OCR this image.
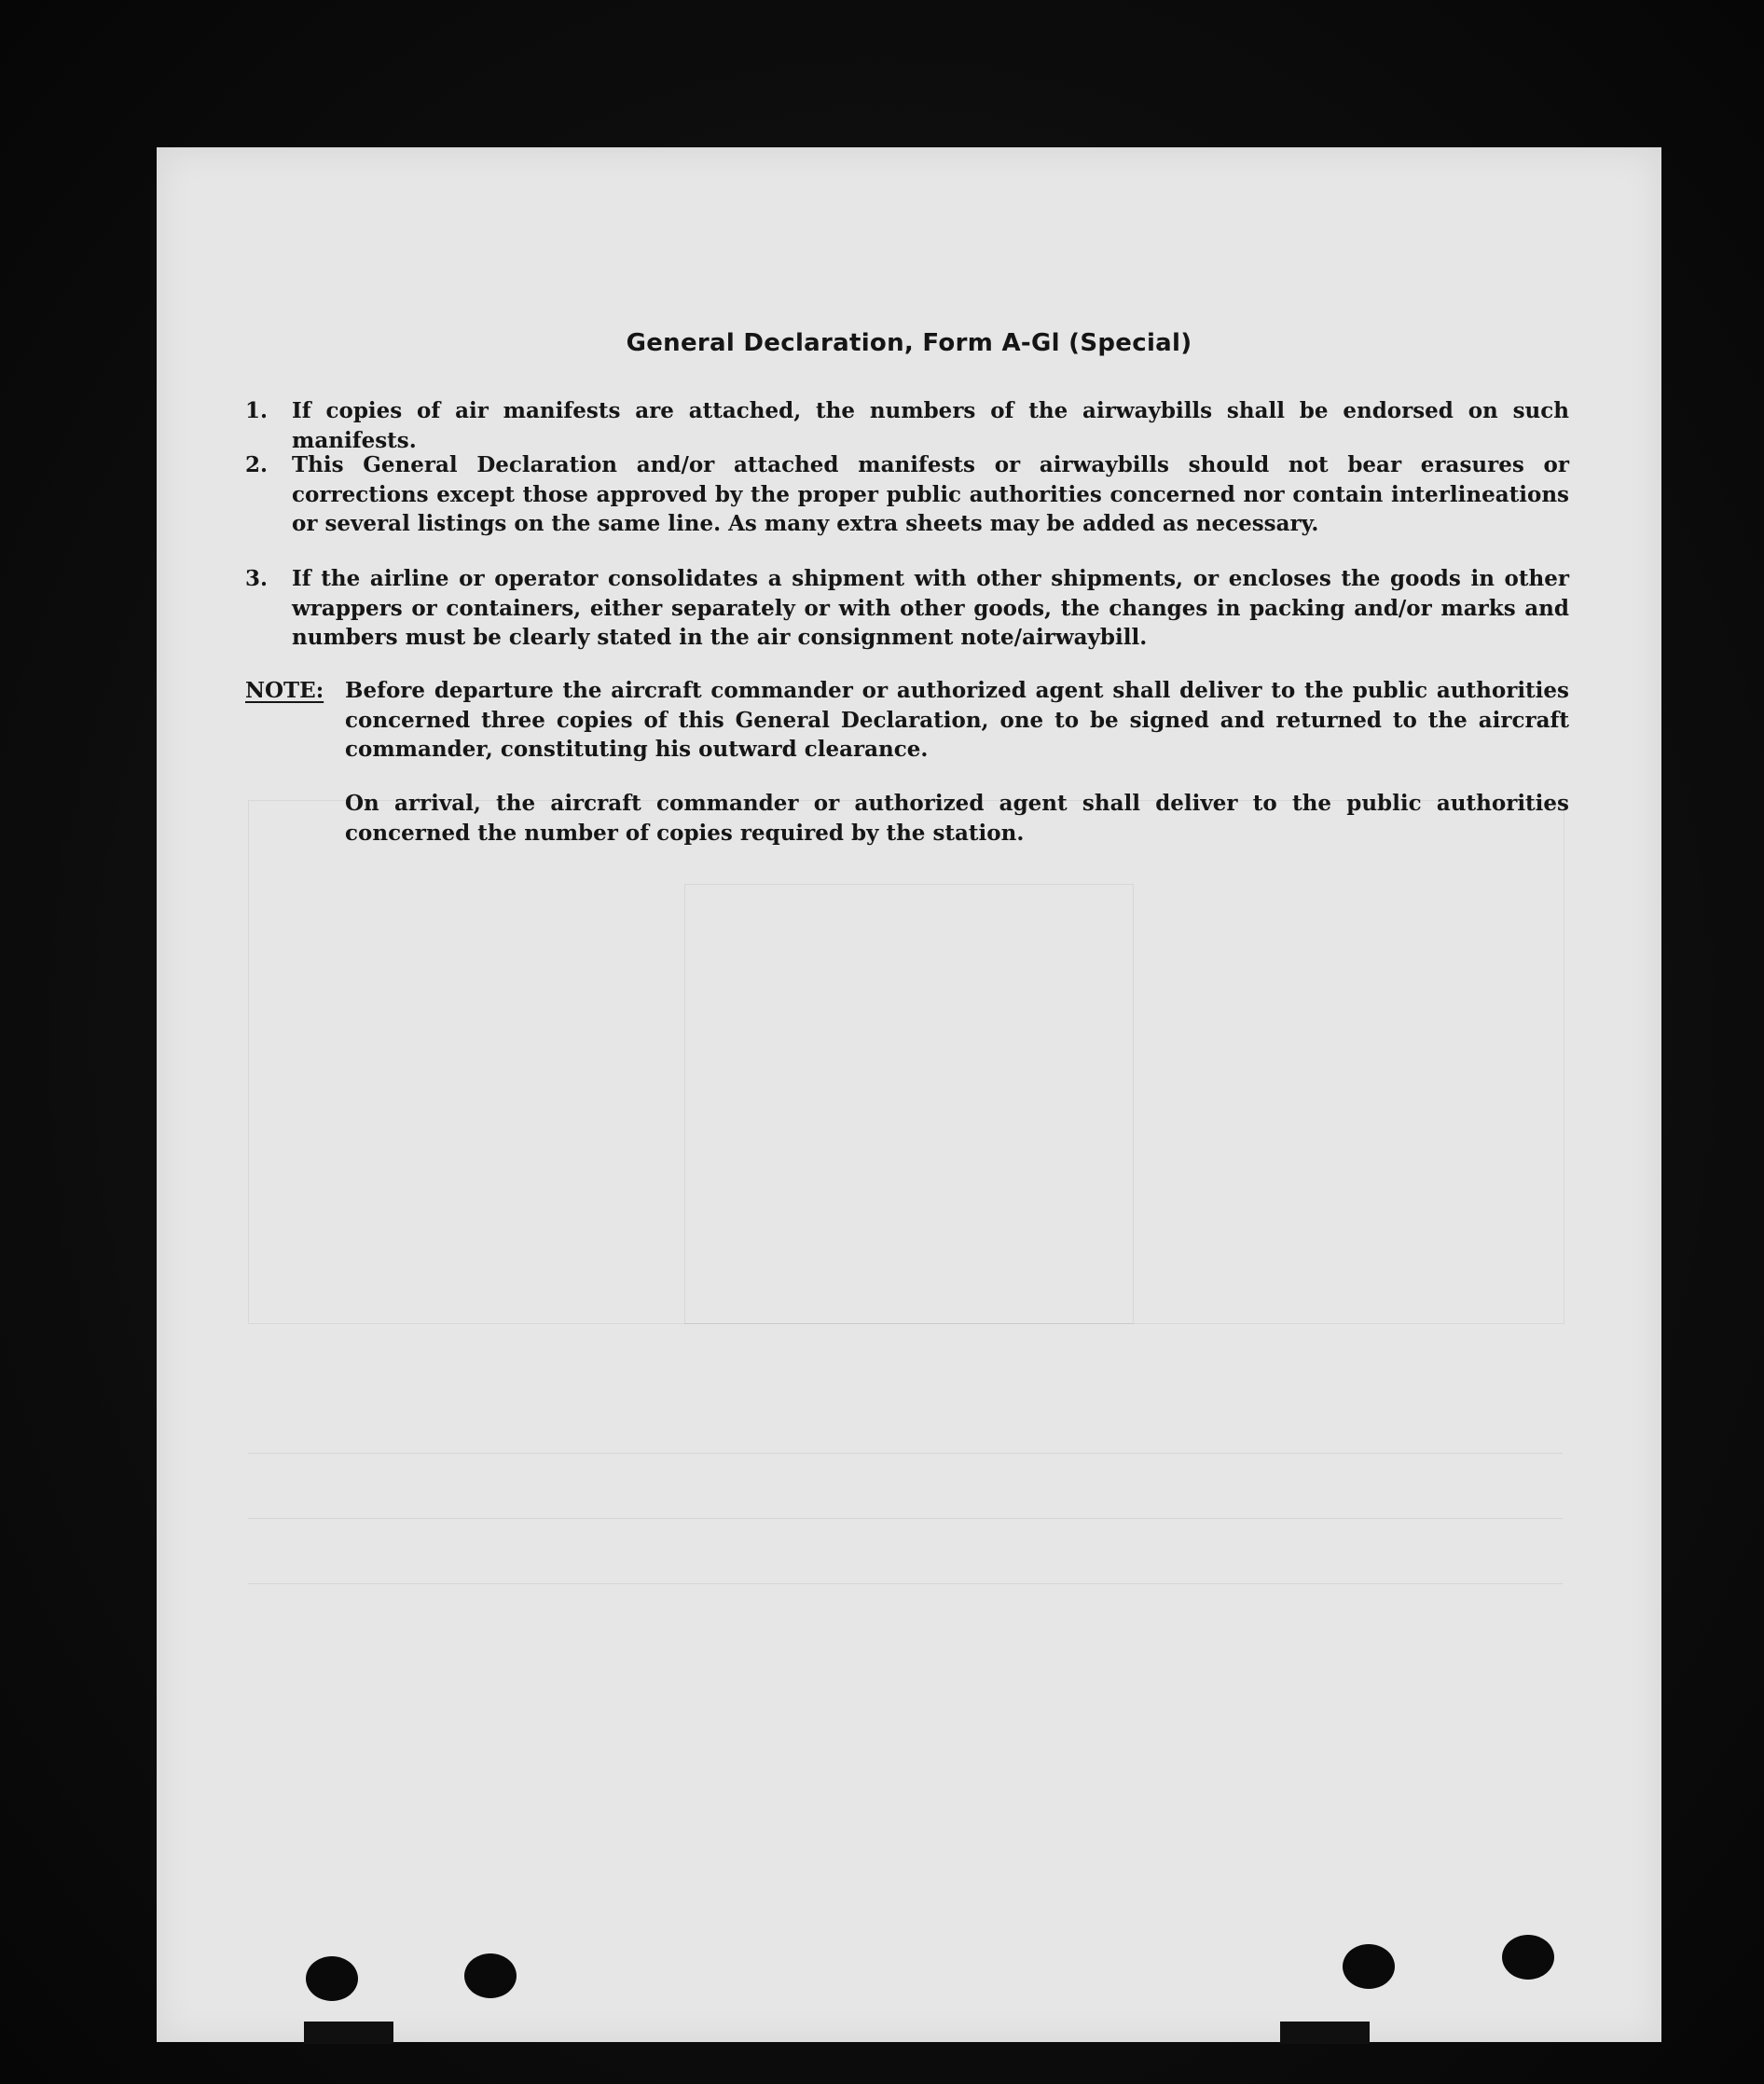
General Declaration, Form A-Gl (Special)
1.	If copies of air manifests are attached, the numbers of the airwaybills shall be endorsed on such manifests.
2.	This General Declaration and/or attached manifests or airwaybills should not bear erasures or corrections except those approved by the proper public authorities concerned nor contain interlineations or several listings on the same line. As many extra sheets may be added as necessary.
3.	If the airline or operator consolidates a shipment with other shipments, or encloses the goods in other wrappers or containers, either separately or with other goods, the changes in packing and/or marks and numbers must be clearly stated in the air consignment note/airwaybill.
NOTE: Before departure the aircraft commander or authorized agent shall deliver to the public authorities concerned three copies of this General Declaration, one to be signed and returned to the aircraft commander, constituting his outward clearance.
On arrival, the aircraft commander or authorized agent shall deliver to the public authorities concerned the number of copies required by the station.
